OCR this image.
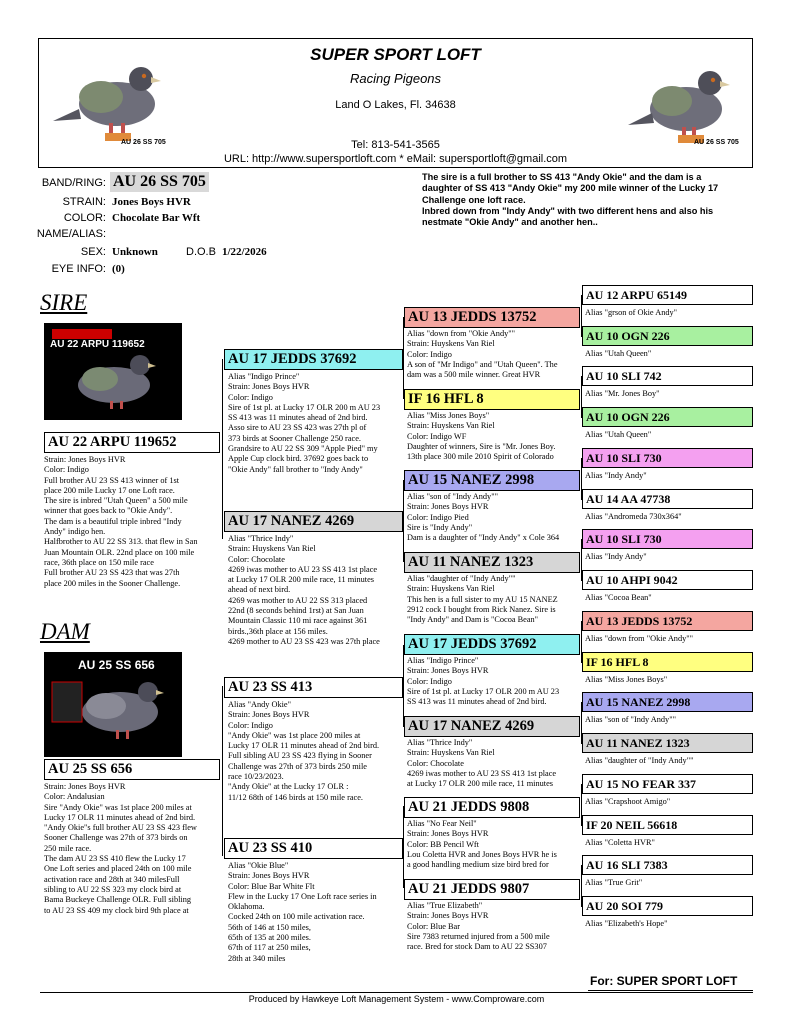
AU 26 SS 705	AU 26 SS 705
SUPER SPORT LOFT
Racing Pigeons
Land O Lakes, Fl. 34638
Tel: 813-541-3565
URL: http://www.supersportloft.com * eMail: supersportloft@gmail.com
BAND/RING: AU 26 SS 705
STRAIN: Jones Boys HVR
COLOR: Chocolate Bar Wft
NAME/ALIAS:
SEX: Unknown	D.O.B 1/22/2026
EYE INFO: (0)
The sire is a full brother to SS 413 "Andy Okie" and the dam is a
daughter of SS 413 "Andy Okie" my 200 mile winner of the Lucky 17
Challenge one loft race.
Inbred down from "Indy Andy" with two different hens and also his
nestmate "Okie Andy" and another hen..
SIRE
AU 22 ARPU 119652
AU 22 ARPU 119652
Strain: Jones Boys HVR
Color: Indigo
Full brother AU 23 SS 413 winner of 1st
place 200 mile Lucky 17 one Loft race.
The sire is inbred "Utah Queen" a 500 mile
winner that goes back to "Okie Andy".
The dam is a beautiful triple inbred "Indy
Andy" indigo hen.
Halfbrother to AU 22 SS 313. that flew in San
Juan Mountain OLR. 22nd place on 100 mile
race, 36th place on 150 mile race
Full brother AU 23 SS 423 that was 27th
place 200 miles in the Sooner Challenge.
DAM
AU 25 SS 656
AU 25 SS 656
Strain: Jones Boys HVR
Color: Andalusian
Sire "Andy Okie" was 1st place 200 miles at
Lucky 17 OLR 11 minutes ahead of 2nd bird.
"Andy Okie"s full brother AU 23 SS 423 flew
Sooner Challenge was 27th of 373 birds on
250 mile race.
The dam AU 23 SS 410 flew the Lucky 17
One Loft series and placed 24th on 100 mile
activation race and 28th at 340 milesFull
sibling to AU 22 SS 323 my clock bird at
Bama Buckeye Challenge OLR. Full sibling
to AU 23 SS 409 my clock bird 9th place at
AU 17 JEDDS 37692
Alias "Indigo Prince"
Strain: Jones Boys HVR
Color: Indigo
Sire of 1st pl. at Lucky 17 OLR 200 m AU 23
SS 413 was 11 minutes ahead of 2nd bird.
Asso sire to AU 23 SS 423 was 27th pl of
373 birds at Sooner Challenge 250 race.
Grandsire to AU 22 SS 309 "Apple Pied" my
Apple Cup clock bird. 37692 goes back to
"Okie Andy" fall brother to "Indy Andy"
AU 17 NANEZ 4269
Alias "Thrice Indy"
Strain: Huyskens Van Riel
Color: Chocolate
4269 iwas mother to AU 23 SS 413 1st place
at Lucky 17 OLR 200 mile race, 11 minutes
ahead of next bird.
4269 was mother to AU 22 SS 313 placed
22nd (8 seconds behind 1rst) at San Juan
Mountain Classic 110 mi race against 361
birds.,36th place at 156 miles.
4269 mother to AU 23 SS 423 was 27th place
AU 23 SS 413
Alias "Andy Okie"
Strain: Jones Boys HVR
Color: Indigo
"Andy Okie" was 1st place 200 miles at
Lucky 17 OLR 11 minutes ahead of 2nd bird.
Full sibling AU 23 SS 423 flying in Sooner
Challenge was 27th of 373 birds 250 mile
race 10/23/2023.
"Andy Okie" at the Lucky 17 OLR :
11/12 68th of 146 birds at 150 mile race.
AU 23 SS 410
Alias "Okie Blue"
Strain: Jones Boys HVR
Color: Blue Bar White Flt
Flew in the Lucky 17 One Loft race series in
Oklahoma.
Cocked 24th on 100 mile activation race.
56th of 146 at 150 miles,
65th of 135 at 200 miles.
67th of 117 at 250 miles,
28th at 340 miles
AU 13 JEDDS 13752
Alias "down from "Okie Andy""
Strain: Huyskens Van Riel
Color: Indigo
A son of "Mr Indigo" and "Utah Queen". The
dam was a 500 mile winner. Great HVR
IF 16 HFL 8
Alias "Miss Jones Boys"
Strain: Huyskens Van Riel
Color: Indigo WF
Daughter of winners, Sire is "Mr. Jones Boy.
13th place 300 mile 2010 Spirit of Colorado
AU 15 NANEZ 2998
Alias "son of "Indy Andy""
Strain: Jones Boys HVR
Color: Indigo Pied
Sire is "Indy Andy"
Dam is a daughter of "Indy Andy" x Cole 364
AU 11 NANEZ 1323
Alias "daughter of "Indy Andy""
Strain: Huyskens Van Riel
This hen is a full sister to my AU 15 NANEZ
2912 cock I bought from Rick Nanez. Sire is
"Indy Andy" and Dam is "Cocoa Bean"
AU 17 JEDDS 37692
Alias "Indigo Prince"
Strain: Jones Boys HVR
Color: Indigo
Sire of 1st pl. at Lucky 17 OLR 200 m AU 23
SS 413 was 11 minutes ahead of 2nd bird.
AU 17 NANEZ 4269
Alias "Thrice Indy"
Strain: Huyskens Van Riel
Color: Chocolate
4269 iwas mother to AU 23 SS 413 1st place
at Lucky 17 OLR 200 mile race, 11 minutes
AU 21 JEDDS 9808
Alias "No Fear Neil"
Strain: Jones Boys HVR
Color: BB Pencil Wft
Lou Coletta HVR and Jones Boys HVR he is
a good handling medium size bird bred for
AU 21 JEDDS 9807
Alias "True Elizabeth"
Strain: Jones Boys HVR
Color: Blue Bar
Sire 7383 returned injured from a 500 mile
race. Bred for stock Dam to AU 22 SS307
AU 12 ARPU 65149
Alias "grson of Okie Andy"
AU 10 OGN 226
Alias "Utah Queen"
AU 10 SLI 742
Alias "Mr. Jones Boy"
AU 10 OGN 226
Alias "Utah Queen"
AU 10 SLI 730
Alias "Indy Andy"
AU 14 AA 47738
Alias "Andromeda 730x364"
AU 10 SLI 730
Alias "Indy Andy"
AU 10 AHPI 9042
Alias "Cocoa Bean"
AU 13 JEDDS 13752
Alias "down from "Okie Andy""
IF 16 HFL 8
Alias "Miss Jones Boys"
AU 15 NANEZ 2998
Alias "son of "Indy Andy""
AU 11 NANEZ 1323
Alias "daughter of "Indy Andy""
AU 15 NO FEAR 337
Alias "Crapshoot Amigo"
IF 20 NEIL 56618
Alias "Coletta HVR"
AU 16 SLI 7383
Alias "True Grit"
AU 20 SOI 779
Alias "Elizabeth's Hope"
For: SUPER SPORT LOFT
Produced by Hawkeye Loft Management System - www.Comproware.com
